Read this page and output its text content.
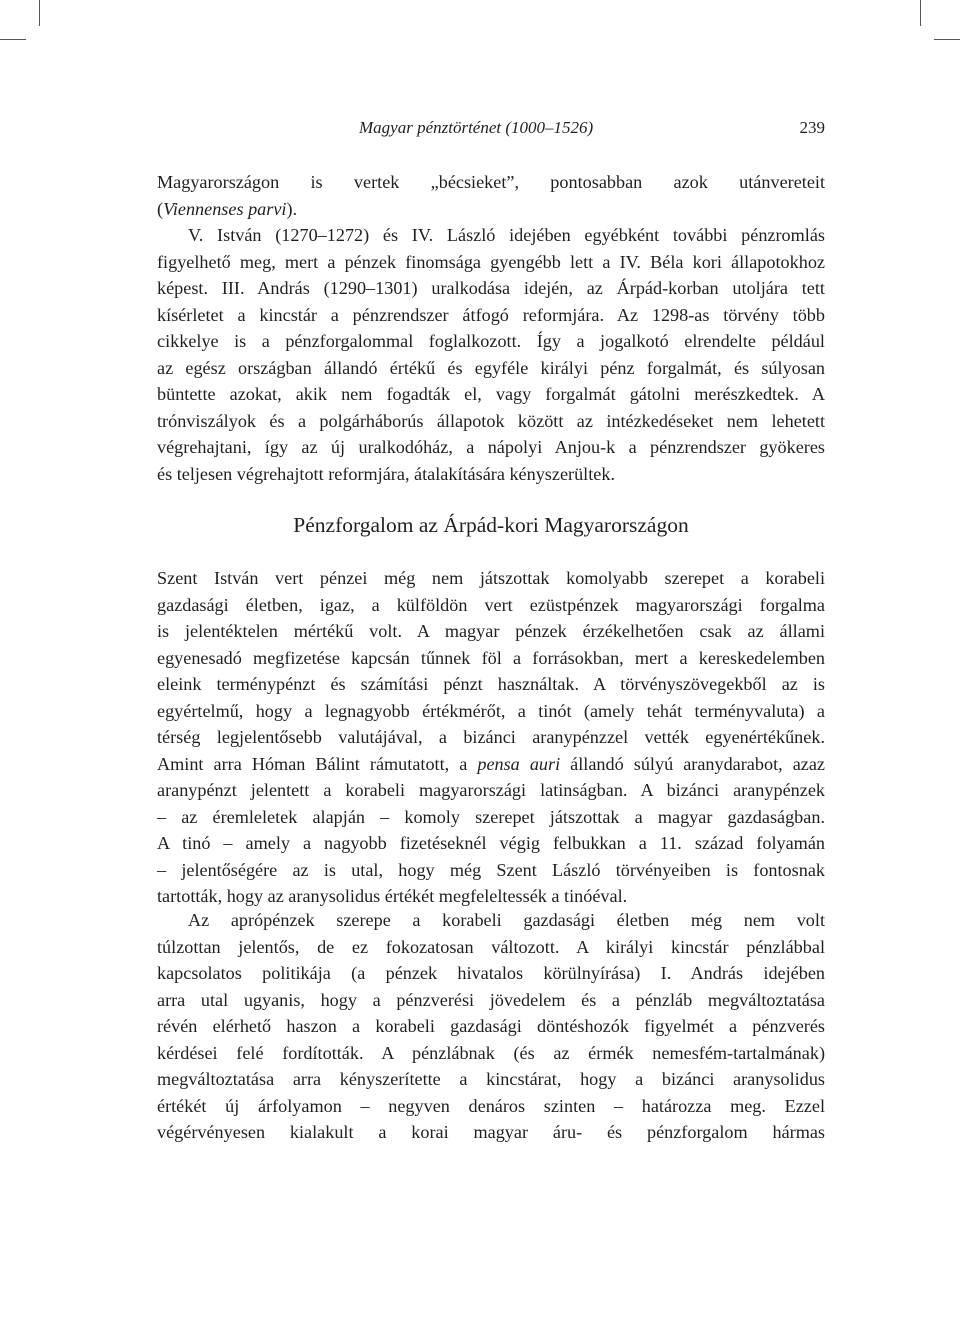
Magyar pénztörténet (1000–1526)	239
Magyarországon is vertek „bécsieket”, pontosabban azok utánvereteit
(Viennenses parvi).
V. István (1270–1272) és IV. László idejében egyébként további pénzromlás
figyelhető meg, mert a pénzek finomsága gyengébb lett a IV. Béla kori állapotokhoz
képest. III. András (1290–1301) uralkodása idején, az Árpád-korban utoljára tett
kísérletet a kincstár a pénzrendszer átfogó reformjára. Az 1298-as törvény több
cikkelye is a pénzforgalommal foglalkozott. Így a jogalkotó elrendelte például
az egész országban állandó értékű és egyféle királyi pénz forgalmát, és súlyosan
büntette azokat, akik nem fogadták el, vagy forgalmát gátolni merészkedtek. A
trónviszályok és a polgárháborús állapotok között az intézkedéseket nem lehetett
végrehajtani, így az új uralkodóház, a nápolyi Anjou-k a pénzrendszer gyökeres
és teljesen végrehajtott reformjára, átalakítására kényszerültek.
Pénzforgalom az Árpád-kori Magyarországon
Szent István vert pénzei még nem játszottak komolyabb szerepet a korabeli
gazdasági életben, igaz, a külföldön vert ezüstpénzek magyarországi forgalma
is jelentéktelen mértékű volt. A magyar pénzek érzékelhetően csak az állami
egyenesadó megfizetése kapcsán tűnnek föl a forrásokban, mert a kereskedelemben
eleink terménypénzt és számítási pénzt használtak. A törvényszövegekből az is
egyértelmű, hogy a legnagyobb értékmérőt, a tinót (amely tehát terményvaluta) a
térség legjelentősebb valutájával, a bizánci aranypénzzel vették egyenértékűnek.
Amint arra Hóman Bálint rámutatott, a pensa auri állandó súlyú aranydarabot, azaz
aranypénzt jelentett a korabeli magyarországi latinságban. A bizánci aranypénzek
– az éremleletek alapján – komoly szerepet játszottak a magyar gazdaságban.
A tinó – amely a nagyobb fizetéseknél végig felbukkan a 11. század folyamán
– jelentőségére az is utal, hogy még Szent László törvényeiben is fontosnak
tartották, hogy az aranysolidus értékét megfeleltessék a tinóéval.
Az aprópénzek szerepe a korabeli gazdasági életben még nem volt
túlzottan jelentős, de ez fokozatosan változott. A királyi kincstár pénzlábbal
kapcsolatos politikája (a pénzek hivatalos körülnyírása) I. András idejében
arra utal ugyanis, hogy a pénzverési jövedelem és a pénzláb megváltoztatása
révén elérhető haszon a korabeli gazdasági döntéshozók figyelmét a pénzverés
kérdései felé fordították. A pénzlábnak (és az érmék nemesfém-tartalmának)
megváltoztatása arra kényszerítette a kincstárat, hogy a bizánci aranysolidus
értékét új árfolyamon – negyven denáros szinten – határozza meg. Ezzel
végérvényesen kialakult a korai magyar áru- és pénzforgalom hármas
